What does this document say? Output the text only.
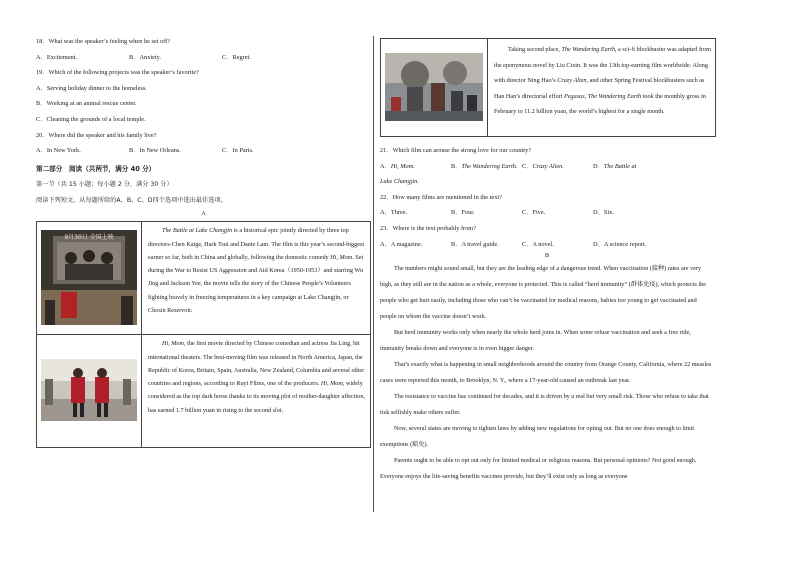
18．What was the speaker’s feeling when he set off?
A．Excitement.	B．Anxiety.	C．Regret.
19．Which of the following projects was the speaker’s favorite?
A．Serving holiday dinner to the homeless.
B．Working at an animal rescue center.
C．Cleaning the grounds of a local temple.
20．Where did the speaker and his family live?
A．In New York.	B．In New Orleans.	C．In Paris.
第二部分　阅读（共两节，满分 40 分）
第一节（共 15 小题；每小题 2 分，满分 30 分）
阅读下列短文，从每题所给的A、B、C、D四个选项中选出最佳选项。
A
9月30日 全国上映	The Battle at Lake Changjin is a historical epic jointly directed by three top directors-Chen Kaige, Hark Tsui and Dante Lam. The film is this year’s second-biggest earner so far, both in China and globally, following the domestic comedy Hi, Mom. Set during the War to Resist US Aggression and Aid Korea（1950-1953）and starring Wu Jing and Jackson Yee, the movie tells the story of the Chinese People’s Volunteers fighting bravely in freezing temperatures in a key campaign at Lake Changjin, or Chosin Reservoir.

Hi, Mom, the first movie directed by Chinese comedian and actress Jia Ling, hit international theaters. The best-moving film was released in North America, Japan, the Republic of Korea, Britain, Spain, Australia, New Zealand, Columbia and several other countries and regions, according to Ruyi Films, one of the producers. Hi, Mom, widely considered as the top dark horse thanks to its moving plot of mother-daughter affection, has earned 1.7 billion yuan in rising to the second slot.

Taking second place, The Wandering Earth, a sci-fi blockbuster was adapted from the eponymous novel by Liu Cixin. It was the 13th top-earning film worldwide. Along with director Ning Hao’s Crazy Alien, and other Spring Festival blockbusters such as Han Han’s directorial effort Pegasus, The Wandering Earth took the monthly gross in February to 11.2 billion yuan, the world’s highest for a single month.

21．Which film can arouse the strong love for our country?
A．Hi, Mom.	B．The Wandering Earth. C．Crazy Alien.	D．The Battle at
Lake Changjin.
22．How many films are mentioned in the text?
A．Three.	B．Four.	C．Five.	D．Six.
23．Where is the text probably from?
A．A magazine.	B．A travel guide.	C．A novel.	D．A science report.
B

The numbers might sound small, but they are the leading edge of a dangerous trend. When vaccination (接种) rates are very high, as they still are in the nation as a whole, everyone is protected. This is called “herd immunity” (群体免疫), which protects the people who get hurt easily, including those who can’t be vaccinated for medical reasons, babies too young to get vaccinated and people on whom the vaccine doesn’t work.

But herd immunity works only when nearly the whole herd joins in. When some refuse vaccination and seek a free ride, immunity breaks down and everyone is in even bigger danger.

That’s exactly what is happening in small neighborhoods around the country from Orange County, California, where 22 measles cases were reported this month, to Brooklyn, N. Y., where a 17-year-old caused an outbreak last year.

The resistance to vaccine has continued for decades, and it is driven by a real but very small risk. Those who refuse to take that risk selfishly make others suffer.

Now, several states are moving to tighten laws by adding new regulations for opting out. But no one does enough to limit exemptions (豁免).

Parents ought to be able to opt out only for limited medical or religious reasons. But personal opinions? Not good enough. Everyone enjoys the life-saving benefits vaccines provide, but they’ll exist only as long as everyone
